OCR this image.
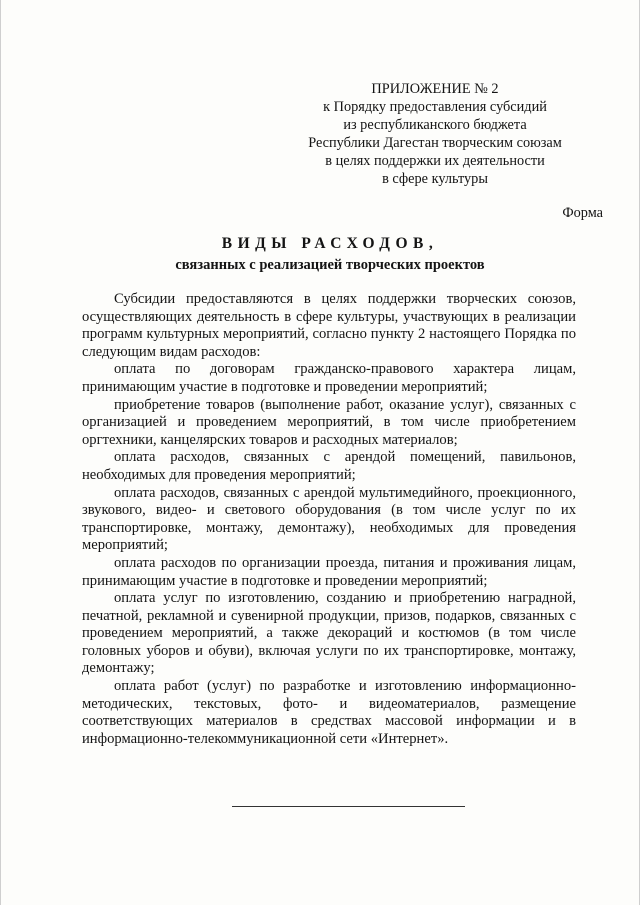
ПРИЛОЖЕНИЕ № 2
к Порядку предоставления субсидий
из республиканского бюджета
Республики Дагестан творческим союзам
в целях поддержки их деятельности
в сфере культуры
Форма
ВИДЫ РАСХОДОВ,
связанных с реализацией творческих проектов

Субсидии предоставляются в целях поддержки творческих союзов, осуществляющих деятельность в сфере культуры, участвующих в реализации программ культурных мероприятий, согласно пункту 2 настоящего Порядка по следующим видам расходов:

оплата по договорам гражданско-правового характера лицам, принимающим участие в подготовке и проведении мероприятий;

приобретение товаров (выполнение работ, оказание услуг), связанных с организацией и проведением мероприятий, в том числе приобретением оргтехники, канцелярских товаров и расходных материалов;

оплата расходов, связанных с арендой помещений, павильонов, необходимых для проведения мероприятий;

оплата расходов, связанных с арендой мультимедийного, проекционного, звукового, видео- и светового оборудования (в том числе услуг по их транспортировке, монтажу, демонтажу), необходимых для проведения мероприятий;

оплата расходов по организации проезда, питания и проживания лицам, принимающим участие в подготовке и проведении мероприятий;

оплата услуг по изготовлению, созданию и приобретению наградной, печатной, рекламной и сувенирной продукции, призов, подарков, связанных с проведением мероприятий, а также декораций и костюмов (в том числе головных уборов и обуви), включая услуги по их транспортировке, монтажу, демонтажу;

оплата работ (услуг) по разработке и изготовлению информационно-методических, текстовых, фото- и видеоматериалов, размещение соответствующих материалов в средствах массовой информации и в информационно-телекоммуникационной сети «Интернет».
